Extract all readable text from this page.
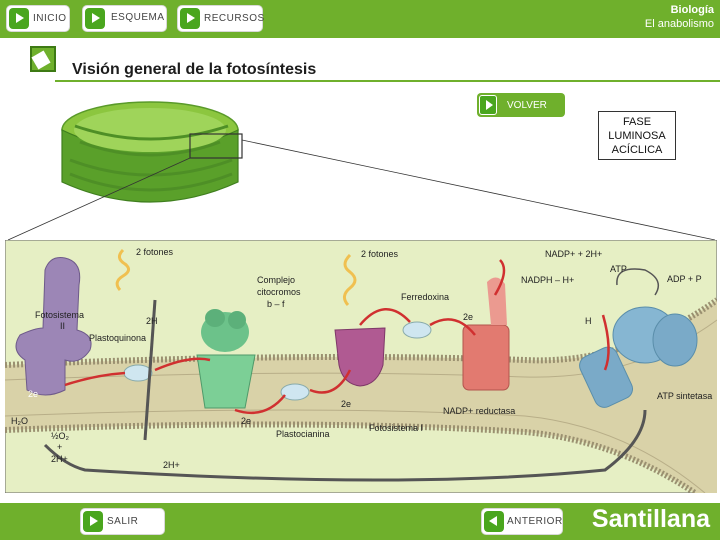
INICIO	ESQUEMA	RECURSOS
Biología
El anabolismo
Visión general de la fotosíntesis
VOLVER
FASE
LUMINOSA
ACÍCLICA
2 fotones	2 fotones
Fotosistema
II
Plastoquinona
2H
Complejo
citocromos
b – f
Ferredoxina
NADP+ + 2H+
NADPH – H+
ATP
ADP + P
H
2e
2e
2e
2e
H₂O
½O₂
+
2H+
2H+
NADP+ reductasa
Plastocianina
Fotosistema I
ATP sintetasa
SALIR	ANTERIOR Santillana
